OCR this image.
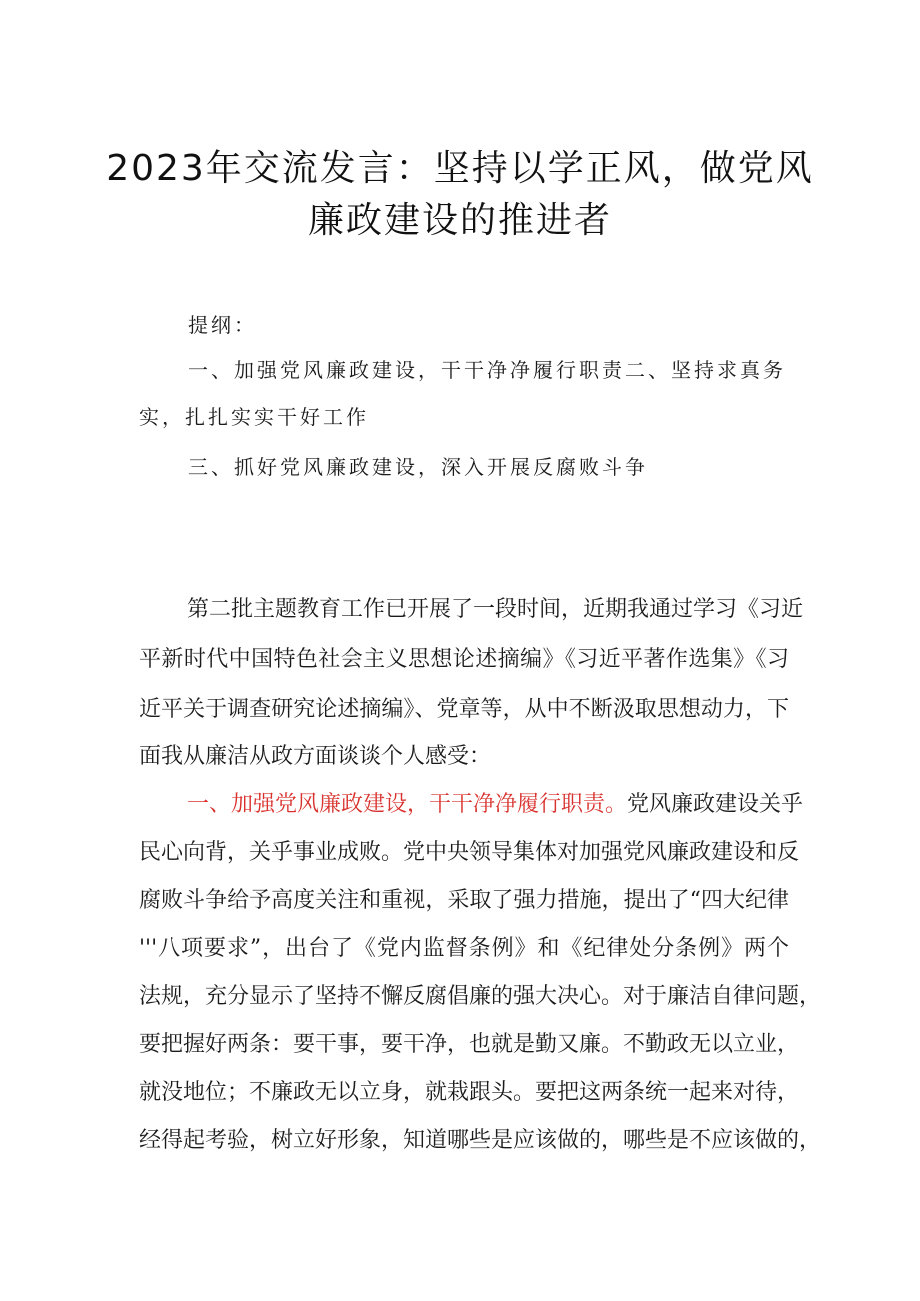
2023年交流发言：坚持以学正风，做党风
廉政建设的推进者
提纲：
一、加强党风廉政建设，干干净净履行职责二、坚持求真务
实，扎扎实实干好工作
三、抓好党风廉政建设，深入开展反腐败斗争
第二批主题教育工作已开展了一段时间，近期我通过学习《习近
平新时代中国特色社会主义思想论述摘编》《习近平著作选集》《习
近平关于调查研究论述摘编》、党章等，从中不断汲取思想动力，下
面我从廉洁从政方面谈谈个人感受：
一、加强党风廉政建设，干干净净履行职责。党风廉政建设关乎
民心向背，关乎事业成败。党中央领导集体对加强党风廉政建设和反
腐败斗争给予高度关注和重视，采取了强力措施，提出了“四大纪律
'''八项要求”，出台了《党内监督条例》和《纪律处分条例》两个
法规，充分显示了坚持不懈反腐倡廉的强大决心。对于廉洁自律问题，
要把握好两条：要干事，要干净，也就是勤又廉。不勤政无以立业，
就没地位；不廉政无以立身，就栽跟头。要把这两条统一起来对待，
经得起考验，树立好形象，知道哪些是应该做的，哪些是不应该做的，
